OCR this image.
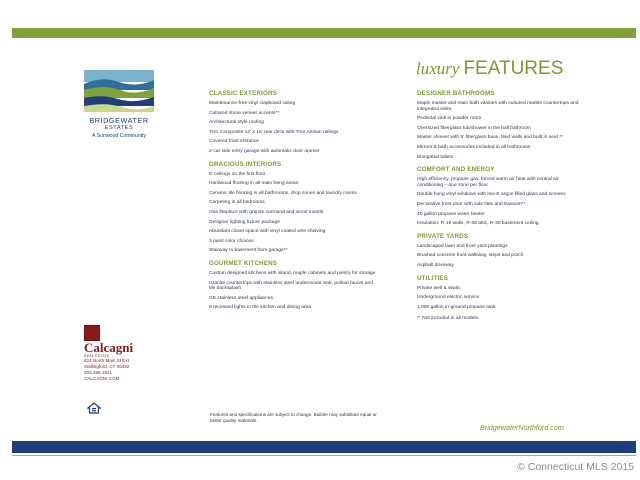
BRIDGEWATER
ESTATES
A Sunwood Community
luxury FEATURES
CLASSIC EXTERIORS
Maintenance-free vinyl clapboard siding
Cultured stone veneer accents**
Architectural style roofing
Trex Composite 12' x 16' rear deck with Trex Artisan railings
Covered front entrance
2-car side entry garage with automatic door opener
GRACIOUS INTERIORS
9' ceilings on the first floor
Hardwood flooring in all main living areas
Ceramic tile flooring in all bathrooms, drop zones and laundry rooms
Carpeting in all bedrooms
Gas fireplace with granite surround and wood mantle
Designer lighting fixture package
Abundant closet space with vinyl coated wire shelving
3 paint color choices
Stairway to basement from garage**
GOURMET KITCHENS
Custom designed kitchens with island, maple cabinets and pantry for storage
Granite countertops with stainless steel undermount sink, pullout faucet and tile backsplash
GE stainless steel appliances
8 recessed lights in the kitchen and dining area
DESIGNER BATHROOMS
Maple master and main bath vanities with cultured marble countertops and integrated sinks
Pedestal sink in powder room
Oversized fiberglass tub/shower in the hall bathroom
Master shower with 5' fiberglass base, tiled walls and built in seat **
Mirrors & bath accessories included in all bathrooms
Elongated toilets
COMFORT AND ENERGY
High efficiency, propane gas, forced warm air heat with central air conditioning – one zone per floor
Double hung vinyl windows with low-E argon filled glass and screens
Decorative front door with side lites and transom**
40 gallon propane water heater
Insulation: R-19 walls, R-38 attic, R-30 basement ceiling
PRIVATE YARDS
Landscaped lawn and front yard plantings
Brushed concrete front walkway, steps and porch
Asphalt driveway
UTILITIES
Private well & septic
Underground electric service
1,000 gallon in-ground propane tank
** Not included in all models.
Calcagni
REAL ESTATE
824 North Main St Ext.
Wallingford, CT 06492
203.265.1821
CALCAGNI.COM
Features and specifications are subject to change. Builder may substitute equal or better quality materials.
BridgewaterNorthford.com
© Connecticut MLS 2015
